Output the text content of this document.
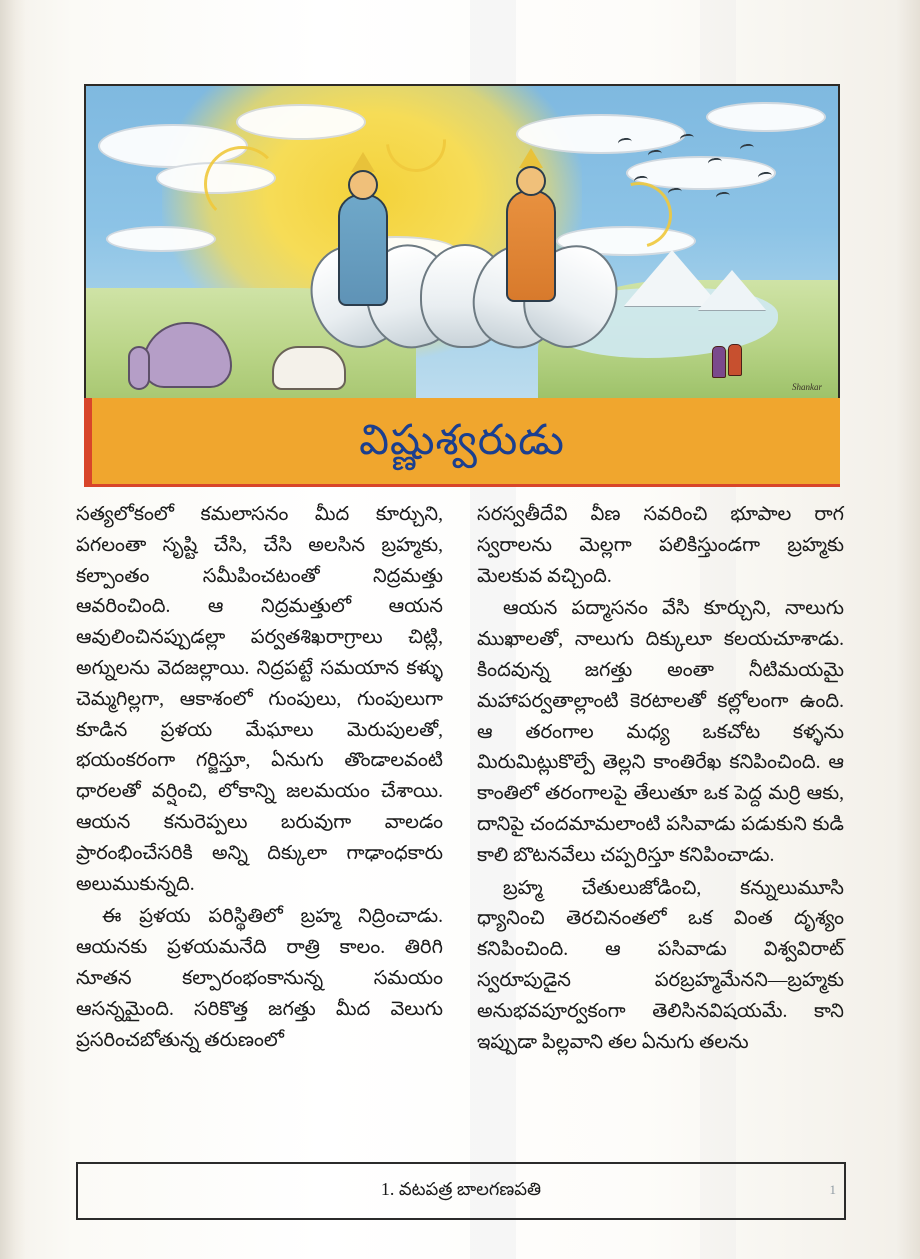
Shankar
విష్ణుశ్వరుడు

సత్యలోకంలో కమలాసనం మీద కూర్చుని, పగలంతా సృష్టి చేసి, చేసి అలసిన బ్రహ్మకు, కల్పాంతం సమీపించటంతో నిద్రమత్తు ఆవరించింది. ఆ నిద్రమత్తులో ఆయన ఆవులించినప్పుడల్లా పర్వతశిఖరాగ్రాలు చిట్లి, అగ్నులను వెదజల్లాయి. నిద్రపట్టే సమయాన కళ్ళు చెమ్మగిల్లగా, ఆకాశంలో గుంపులు, గుంపులుగా కూడిన ప్రళయ మేఘాలు మెరుపులతో, భయంకరంగా గర్జిస్తూ, ఏనుగు తొండాలవంటి ధారలతో వర్షించి, లోకాన్ని జలమయం చేశాయి. ఆయన కనురెప్పలు బరువుగా వాలడం ప్రారంభించేసరికి అన్ని దిక్కులా గాఢాంధకారు అలుముకున్నది.

ఈ ప్రళయ పరిస్థితిలో బ్రహ్మ నిద్రించాడు. ఆయనకు ప్రళయమనేది రాత్రి కాలం. తిరిగి నూతన కల్పారంభంకానున్న సమయం ఆసన్నమైంది. సరికొత్త జగత్తు మీద వెలుగు ప్రసరించబోతున్న తరుణంలో

సరస్వతీదేవి వీణ సవరించి భూపాల రాగ స్వరాలను మెల్లగా పలికిస్తుండగా బ్రహ్మకు మెలకువ వచ్చింది.

ఆయన పద్మాసనం వేసి కూర్చుని, నాలుగు ముఖాలతో, నాలుగు దిక్కులూ కలయచూశాడు. కిందవున్న జగత్తు అంతా నీటిమయమై మహాపర్వతాల్లాంటి కెరటాలతో కల్లోలంగా ఉంది. ఆ తరంగాల మధ్య ఒకచోట కళ్ళను మిరుమిట్లుకొల్పే తెల్లని కాంతిరేఖ కనిపించింది. ఆ కాంతిలో తరంగాలపై తేలుతూ ఒక పెద్ద మర్రి ఆకు, దానిపై చందమామలాంటి పసివాడు పడుకుని కుడి కాలి బొటనవేలు చప్పరిస్తూ కనిపించాడు.

బ్రహ్మ చేతులుజోడించి, కన్నులుమూసి ధ్యానించి తెరచినంతలో ఒక వింత దృశ్యం కనిపించింది. ఆ పసివాడు విశ్వవిరాట్ స్వరూపుడైన పరబ్రహ్మమేనని—బ్రహ్మకు అనుభవపూర్వకంగా తెలిసినవిషయమే. కాని ఇప్పుడా పిల్లవాని తల ఏనుగు తలను

1. వటపత్ర బాలగణపతి	1
